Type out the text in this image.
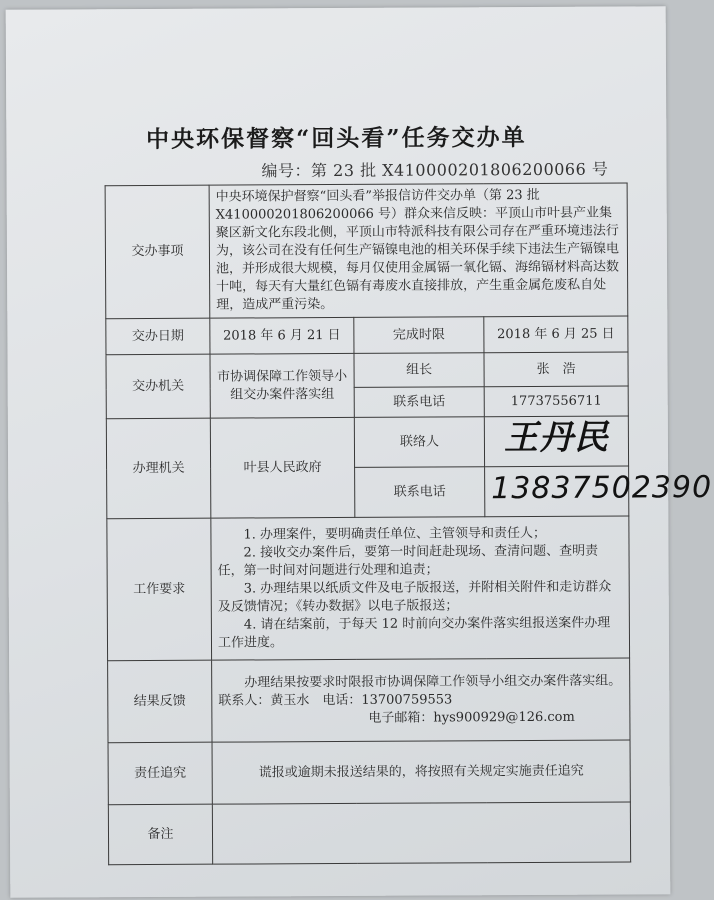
中央环保督察“回头看”任务交办单
编号：第 23 批 X410000201806200066 号
交办事项	中央环境保护督察“回头看”举报信访件交办单（第 23 批 X410000201806200066 号）群众来信反映：平顶山市叶县产业集聚区新文化东段北侧，平顶山市特派科技有限公司存在严重环境违法行为，该公司在没有任何生产镉镍电池的相关环保手续下违法生产镉镍电池，并形成很大规模，每月仅使用金属镉一氧化镉、海绵镉材料高达数十吨，每天有大量红色镉有毒废水直接排放，产生重金属危废私自处理，造成严重污染。		
交办日期	2018 年 6 月 21 日	完成时限	2018 年 6 月 25 日
交办机关	市协调保障工作领导小组交办案件落实组	组长	张　浩
		联系电话	17737556711
办理机关	叶县人民政府	联络人	王丹民
		联系电话	13837502390
工作要求	1. 办理案件，要明确责任单位、主管领导和责任人；
2. 接收交办案件后，要第一时间赶赴现场、查清问题、查明责任，第一时间对问题进行处理和追责；
3. 办理结果以纸质文件及电子版报送，并附相关附件和走访群众及反馈情况；《转办数据》以电子版报送；
4. 请在结案前，于每天 12 时前向交办案件落实组报送案件办理工作进度。		

结果反馈	办理结果按要求时限报市协调保障工作领导小组交办案件落实组。联系人：黄玉水　电话：13700759553
电子邮箱：hys900929@126.com		

责任追究	谎报或逾期未报送结果的，将按照有关规定实施责任追究		
备注			
